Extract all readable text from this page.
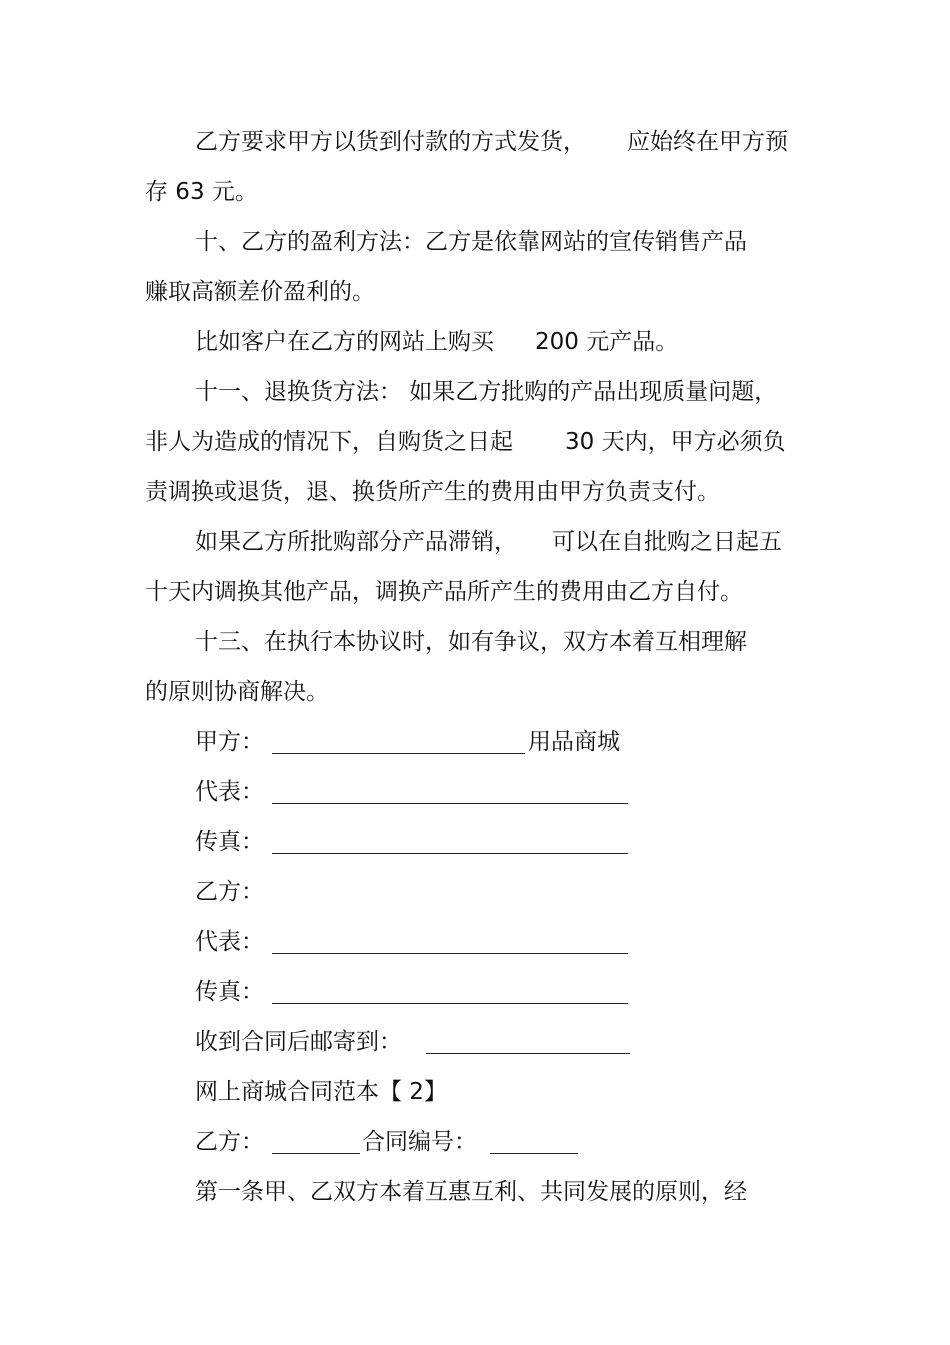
乙方要求甲方以货到付款的方式发货， 应始终在甲方预
存 63 元。
十、乙方的盈利方法：乙方是依靠网站的宣传销售产品
赚取高额差价盈利的。
比如客户在乙方的网站上购买 200 元产品。
十一、退换货方法： 如果乙方批购的产品出现质量问题，
非人为造成的情况下，自购货之日起 30 天内，甲方必须负
责调换或退货，退、换货所产生的费用由甲方负责支付。
如果乙方所批购部分产品滞销， 可以在自批购之日起五
十天内调换其他产品，调换产品所产生的费用由乙方自付。
十三、在执行本协议时，如有争议，双方本着互相理解
的原则协商解决。
甲方：	用品商城
代表：
传真：
乙方：
代表：
传真：
收到合同后邮寄到：
网上商城合同范本【 2】
乙方：	合同编号：
第一条甲、乙双方本着互惠互利、共同发展的原则，经
